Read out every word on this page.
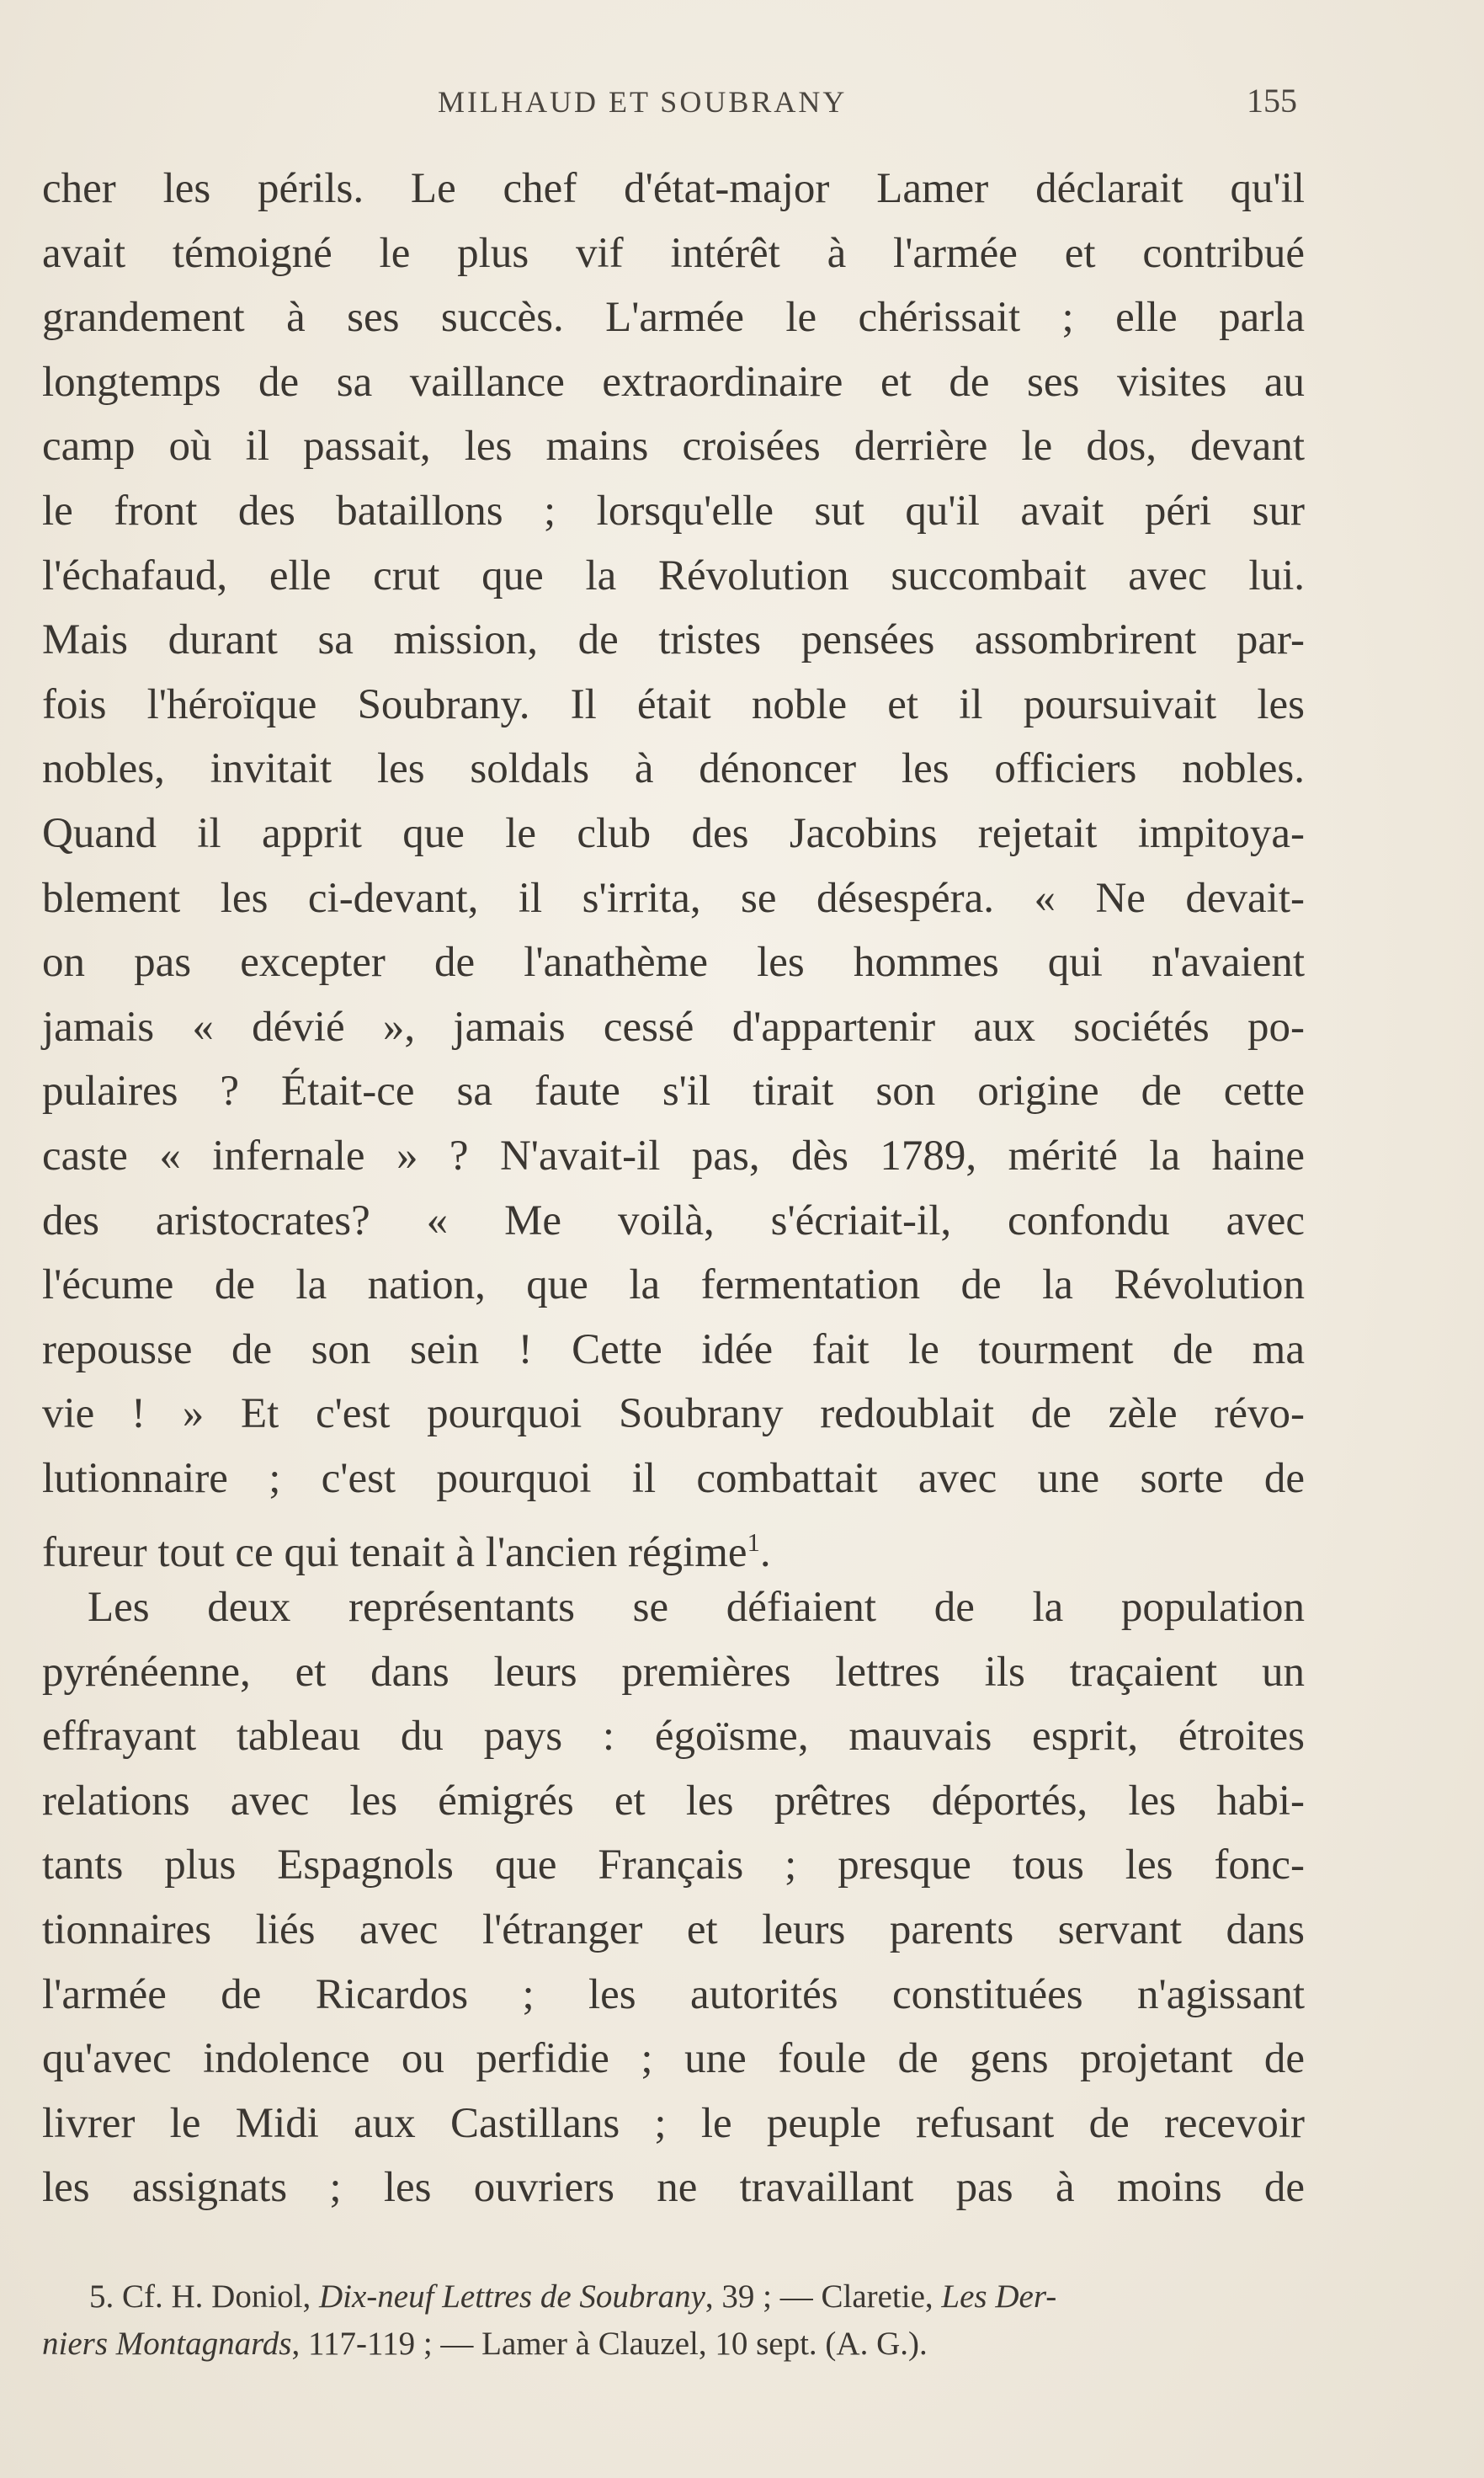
MILHAUD ET SOUBRANY	155
cher les périls. Le chef d'état-major Lamer déclarait qu'il
avait témoigné le plus vif intérêt à l'armée et contribué
grandement à ses succès. L'armée le chérissait ; elle parla
longtemps de sa vaillance extraordinaire et de ses visites au
camp où il passait, les mains croisées derrière le dos, devant
le front des bataillons ; lorsqu'elle sut qu'il avait péri sur
l'échafaud, elle crut que la Révolution succombait avec lui.
Mais durant sa mission, de tristes pensées assombrirent par-
fois l'héroïque Soubrany. Il était noble et il poursuivait les
nobles, invitait les soldals à dénoncer les officiers nobles.
Quand il apprit que le club des Jacobins rejetait impitoya-
blement les ci-devant, il s'irrita, se désespéra. « Ne devait-
on pas excepter de l'anathème les hommes qui n'avaient
jamais « dévié », jamais cessé d'appartenir aux sociétés po-
pulaires ? Était-ce sa faute s'il tirait son origine de cette
caste « infernale » ? N'avait-il pas, dès 1789, mérité la haine
des aristocrates? « Me voilà, s'écriait-il, confondu avec
l'écume de la nation, que la fermentation de la Révolution
repousse de son sein ! Cette idée fait le tourment de ma
vie ! » Et c'est pourquoi Soubrany redoublait de zèle révo-
lutionnaire ; c'est pourquoi il combattait avec une sorte de
fureur tout ce qui tenait à l'ancien régime$^1$.
Les deux représentants se défiaient de la population
pyrénéenne, et dans leurs premières lettres ils traçaient un
effrayant tableau du pays : égoïsme, mauvais esprit, étroites
relations avec les émigrés et les prêtres déportés, les habi-
tants plus Espagnols que Français ; presque tous les fonc-
tionnaires liés avec l'étranger et leurs parents servant dans
l'armée de Ricardos ; les autorités constituées n'agissant
qu'avec indolence ou perfidie ; une foule de gens projetant de
livrer le Midi aux Castillans ; le peuple refusant de recevoir
les assignats ; les ouvriers ne travaillant pas à moins de
5. Cf. H. Doniol, Dix-neuf Lettres de Soubrany, 39 ; — Claretie, Les Der-
niers Montagnards, 117-119 ; — Lamer à Clauzel, 10 sept. (A. G.).
